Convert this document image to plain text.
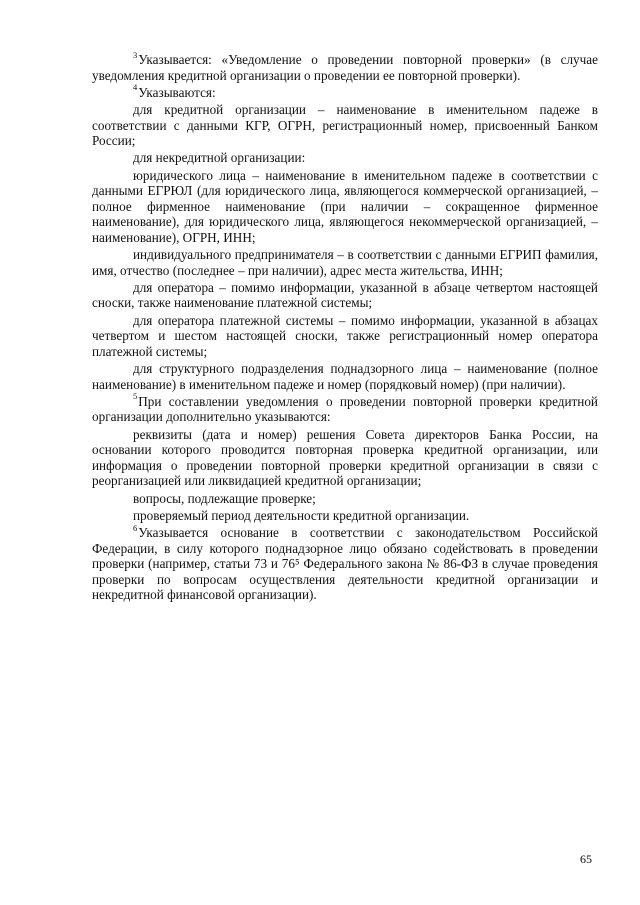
$^3$Указывается: «Уведомление о проведении повторной проверки» (в случае уведомления кредитной организации о проведении ее повторной проверки).

$^4$Указываются:

для кредитной организации – наименование в именительном падеже в соответствии с данными КГР, ОГРН, регистрационный номер, присвоенный Банком России;

для некредитной организации:

юридического лица – наименование в именительном падеже в соответствии с данными ЕГРЮЛ (для юридического лица, являющегося коммерческой организацией, – полное фирменное наименование (при наличии – сокращенное фирменное наименование), для юридического лица, являющегося некоммерческой организацией, – наименование), ОГРН, ИНН;

индивидуального предпринимателя – в соответствии с данными ЕГРИП фамилия, имя, отчество (последнее – при наличии), адрес места жительства, ИНН;

для оператора – помимо информации, указанной в абзаце четвертом настоящей сноски, также наименование платежной системы;

для оператора платежной системы – помимо информации, указанной в абзацах четвертом и шестом настоящей сноски, также регистрационный номер оператора платежной системы;

для структурного подразделения поднадзорного лица – наименование (полное наименование) в именительном падеже и номер (порядковый номер) (при наличии).

$^5$При составлении уведомления о проведении повторной проверки кредитной организации дополнительно указываются:

реквизиты (дата и номер) решения Совета директоров Банка России, на основании которого проводится повторная проверка кредитной организации, или информация о проведении повторной проверки кредитной организации в связи с реорганизацией или ликвидацией кредитной организации;

вопросы, подлежащие проверке;

проверяемый период деятельности кредитной организации.

$^6$Указывается основание в соответствии с законодательством Российской Федерации, в силу которого поднадзорное лицо обязано содействовать в проведении проверки (например, статьи 73 и 76⁵ Федерального закона № 86-ФЗ в случае проведения проверки по вопросам осуществления деятельности кредитной организации и некредитной финансовой организации).

65
